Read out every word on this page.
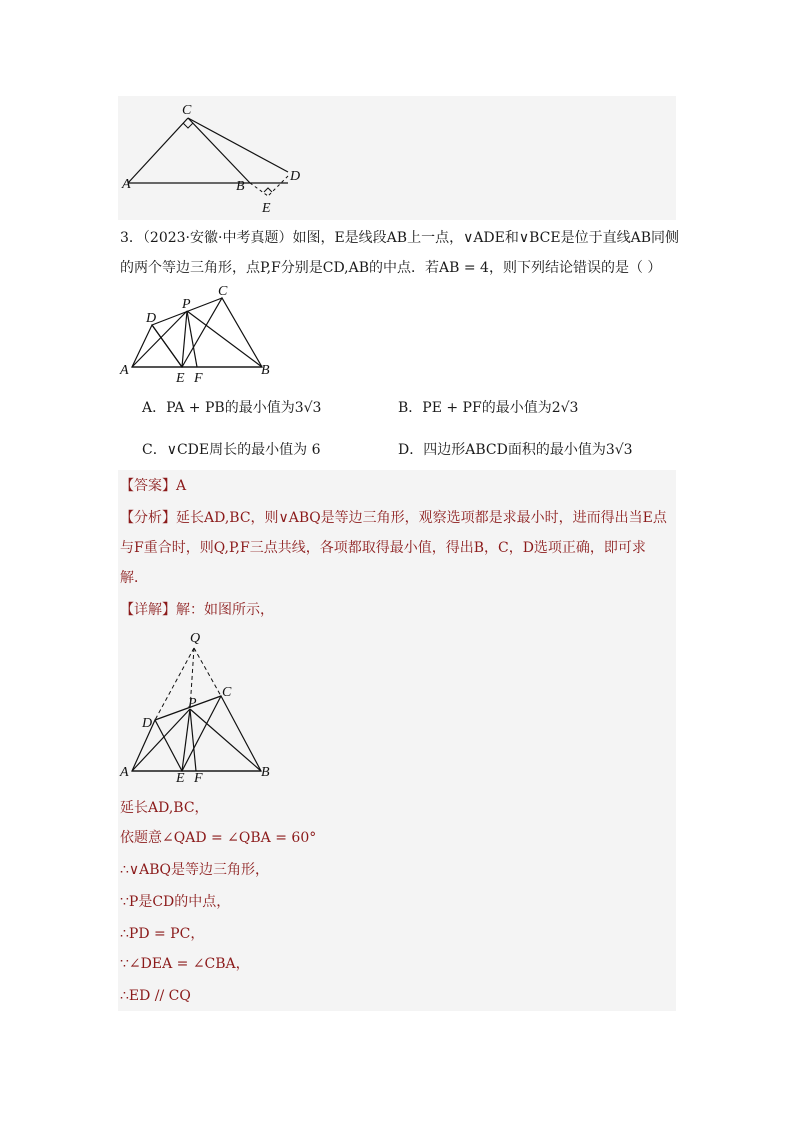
C
A	B
D
E
3．（2023·安徽·中考真题）如图，E是线段AB上一点，∨ADE和∨BCE是位于直线AB同侧
的两个等边三角形，点P,F分别是CD,AB的中点．若AB = 4，则下列结论错误的是（ ）
C
P
D
A
E F
B
A．PA + PB的最小值为3√3	B．PE + PF的最小值为2√3
C．∨CDE周长的最小值为 6	D．四边形ABCD面积的最小值为3√3
【答案】A
【分析】延长AD,BC，则∨ABQ是等边三角形，观察选项都是求最小时，进而得出当E点
与F重合时，则Q,P,F三点共线，各项都取得最小值，得出B，C，D选项正确，即可求
解．
【详解】解：如图所示，
Q
C
P
D
A	E F	B
延长AD,BC，
依题意∠QAD = ∠QBA = 60°
∴∨ABQ是等边三角形，
∵P是CD的中点，
∴PD = PC，
∵∠DEA = ∠CBA，
∴ED // CQ
